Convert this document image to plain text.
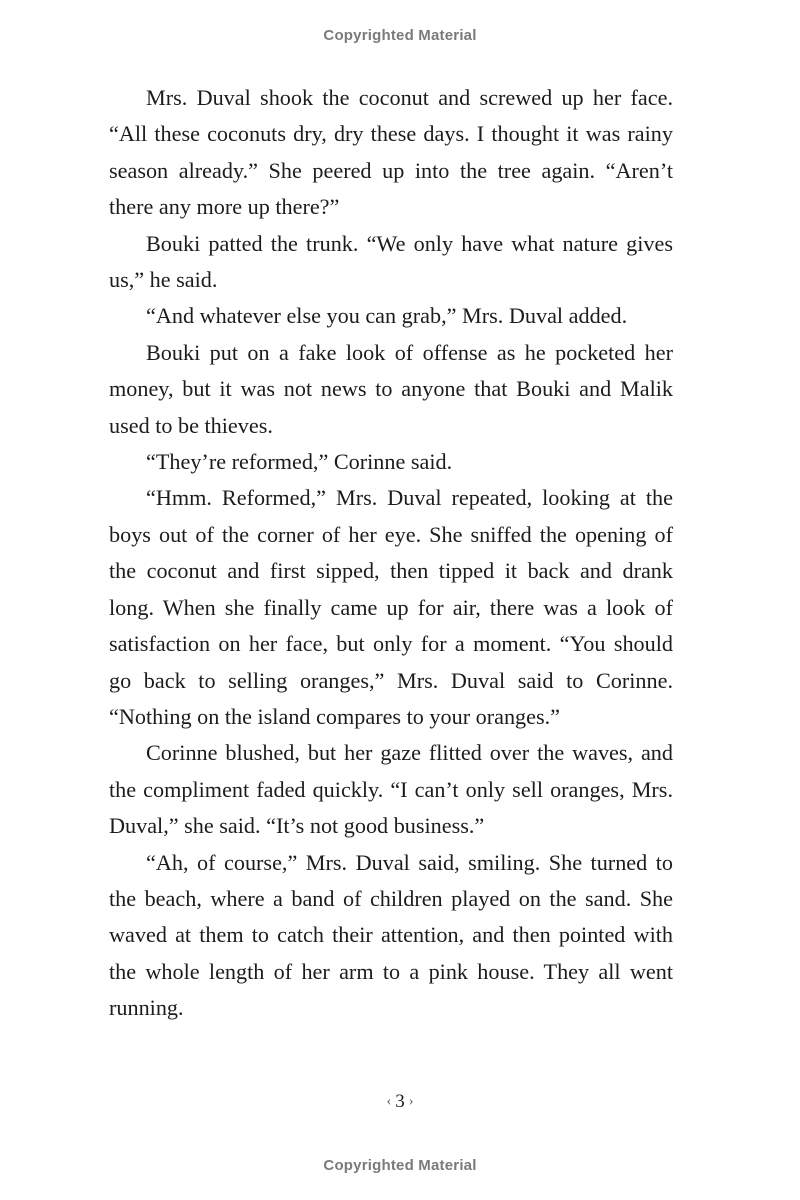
Copyrighted Material

Mrs. Duval shook the coconut and screwed up her face. “All these coconuts dry, dry these days. I thought it was rainy season already.” She peered up into the tree again. “Aren’t there any more up there?”

Bouki patted the trunk. “We only have what nature gives us,” he said.

“And whatever else you can grab,” Mrs. Duval added.

Bouki put on a fake look of offense as he pocketed her money, but it was not news to anyone that Bouki and Malik used to be thieves.

“They’re reformed,” Corinne said.

“Hmm. Reformed,” Mrs. Duval repeated, looking at the boys out of the corner of her eye. She sniffed the opening of the coconut and first sipped, then tipped it back and drank long. When she finally came up for air, there was a look of satisfaction on her face, but only for a moment. “You should go back to selling oranges,” Mrs. Duval said to Corinne. “Nothing on the island compares to your oranges.”

Corinne blushed, but her gaze flitted over the waves, and the compliment faded quickly. “I can’t only sell oranges, Mrs. Duval,” she said. “It’s not good business.”

“Ah, of course,” Mrs. Duval said, smiling. She turned to the beach, where a band of children played on the sand. She waved at them to catch their attention, and then pointed with the whole length of her arm to a pink house. They all went running.

‹ 3 ›
Copyrighted Material
